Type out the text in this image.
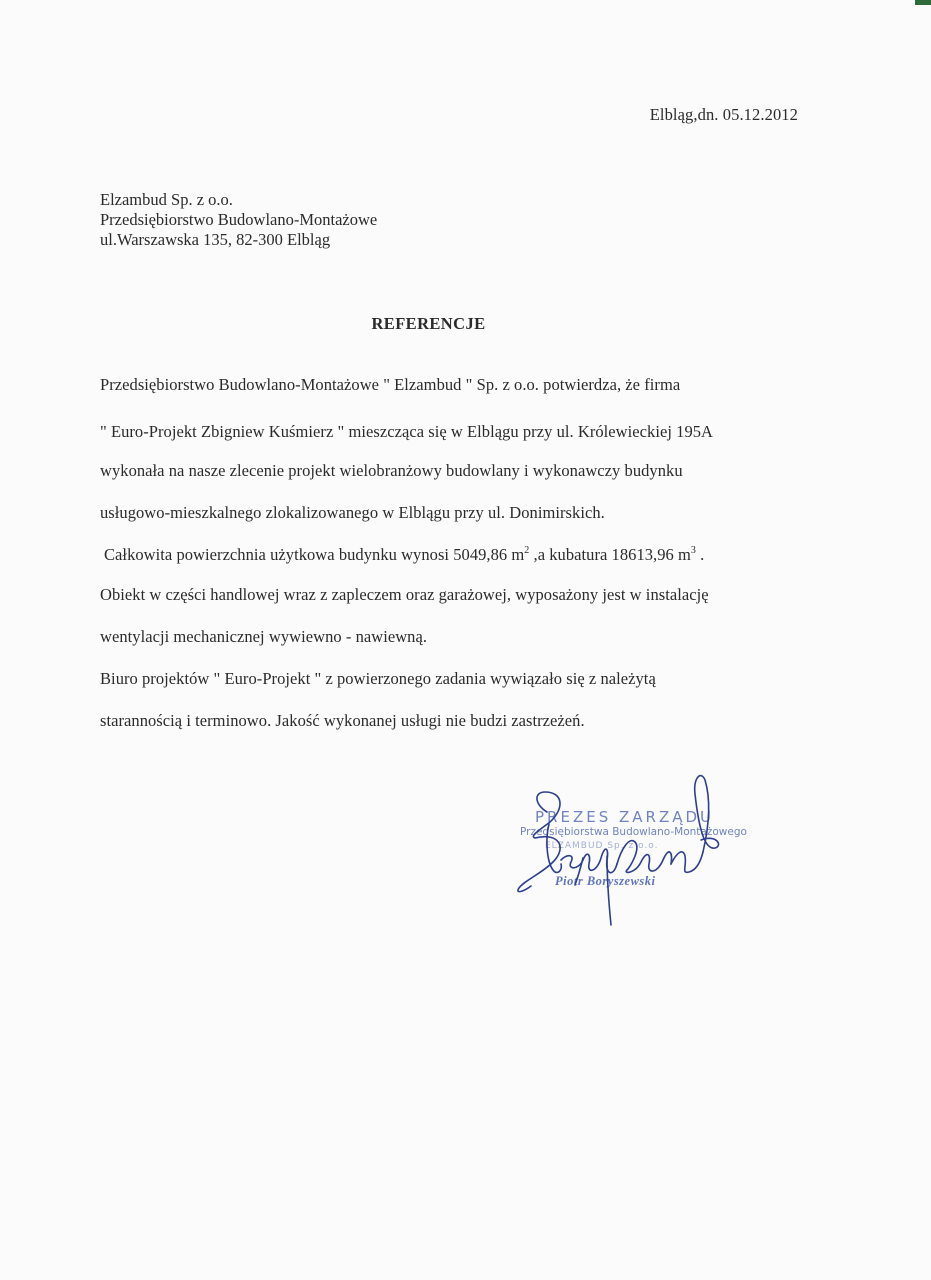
Elbląg,dn. 05.12.2012
Elzambud Sp. z o.o.
Przedsiębiorstwo Budowlano-Montażowe
ul.Warszawska 135, 82-300 Elbląg
REFERENCJE
Przedsiębiorstwo Budowlano-Montażowe " Elzambud " Sp. z o.o. potwierdza, że firma
" Euro-Projekt Zbigniew Kuśmierz " mieszcząca się w Elblągu przy ul. Królewieckiej 195A
wykonała na nasze zlecenie projekt wielobranżowy budowlany i wykonawczy budynku
usługowo-mieszkalnego zlokalizowanego w Elblągu przy ul. Donimirskich.
Całkowita powierzchnia użytkowa budynku wynosi 5049,86 $m^2$ ,a kubatura 18613,96 $m^3$ .
Obiekt w części handlowej wraz z zapleczem oraz garażowej, wyposażony jest w instalację
wentylacji mechanicznej wywiewno - nawiewną.
Biuro projektów " Euro-Projekt " z powierzonego zadania wywiązało się z należytą
starannością i terminowo. Jakość wykonanej usługi nie budzi zastrzeżeń.
PREZES ZARZĄDU
Przedsiębiorstwa Budowlano-Montażowego
ELZAMBUD Sp. z o.o.
Piotr Boryszewski
